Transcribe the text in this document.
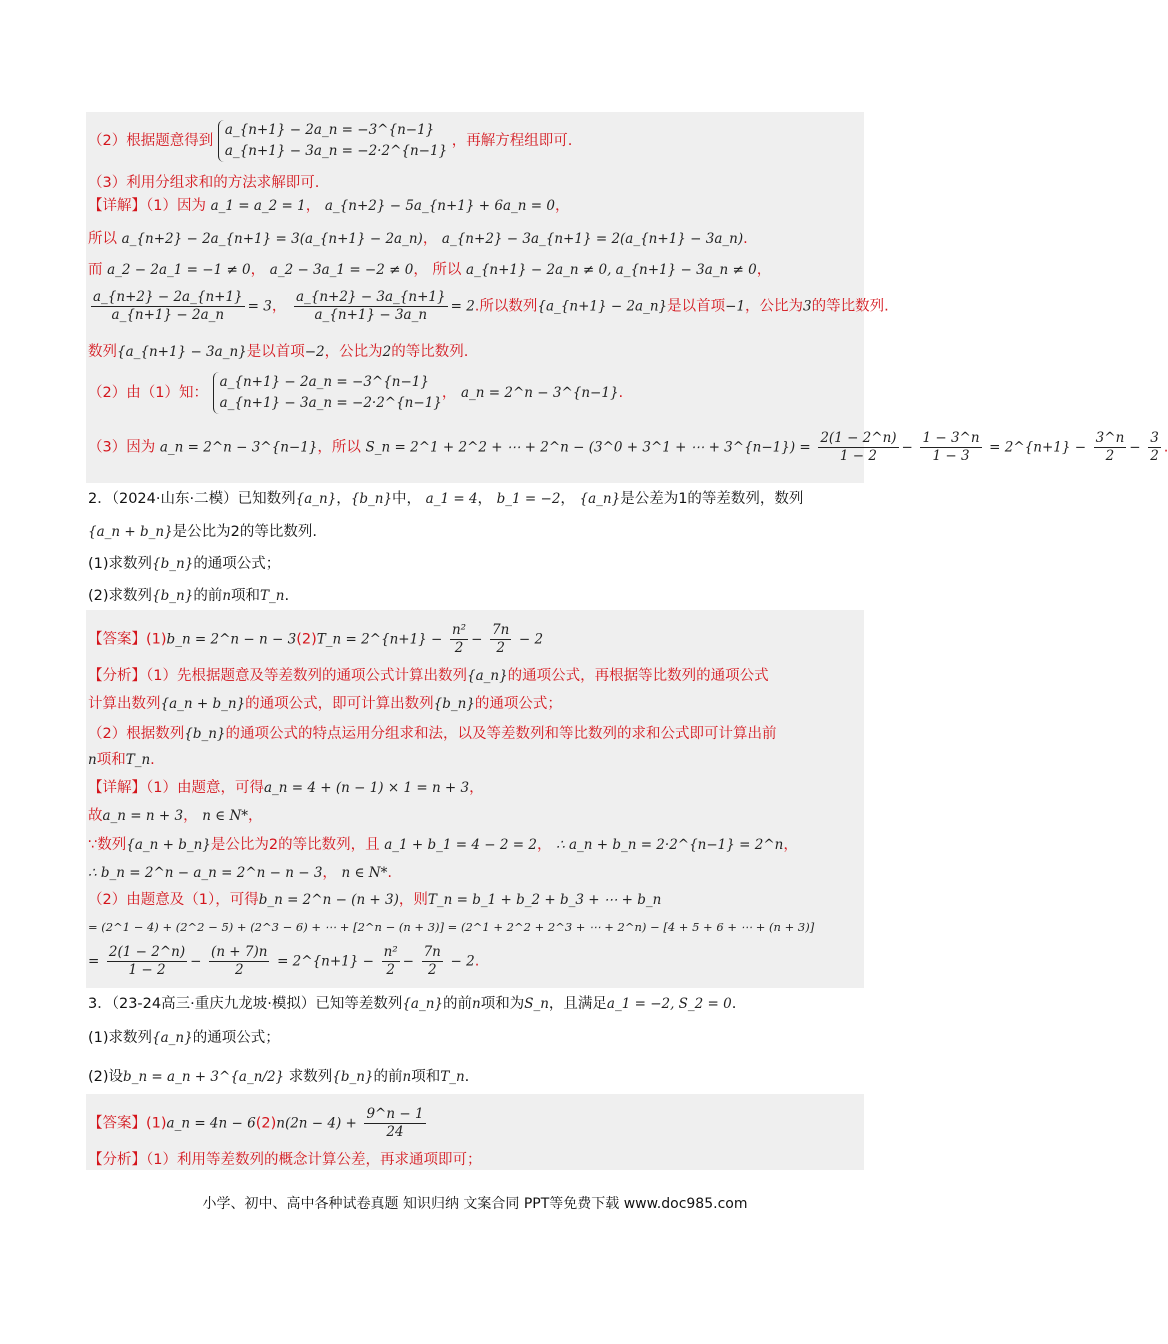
（2）根据题意得到 a_{n+1} − 2a_n = −3^{n−1}
a_{n+1} − 3a_n = −2·2^{n−1} ，再解方程组即可.
（3）利用分组求和的方法求解即可.
【详解】（1）因为 a_1 = a_2 = 1， a_{n+2} − 5a_{n+1} + 6a_n = 0，
所以 a_{n+2} − 2a_{n+1} = 3(a_{n+1} − 2a_n)， a_{n+2} − 3a_{n+1} = 2(a_{n+1} − 3a_n).
而 a_2 − 2a_1 = −1 ≠ 0， a_2 − 3a_1 = −2 ≠ 0， 所以 a_{n+1} − 2a_n ≠ 0, a_{n+1} − 3a_n ≠ 0，
$\frac{a\_\{n+2\} - 2a\_\{n+1\}}{a\_\{n+1\} - 2a\_n} = 3$， $\frac{a\_\{n+2\} - 3a\_\{n+1\}}{a\_\{n+1\} - 3a\_n} = 2$.所以数列{a_{n+1} − 2a_n}是以首项−1，公比为3的等比数列.
数列{a_{n+1} − 3a_n}是以首项−2，公比为2的等比数列.
（2）由（1）知： a_{n+1} − 2a_n = −3^{n−1}
a_{n+1} − 3a_n = −2·2^{n−1}， a_n = 2^n − 3^{n−1}.
（3）因为 a_n = 2^n − 3^{n−1}，所以 S_n = 2^1 + 2^2 + ⋯ + 2^n − (3^0 + 3^1 + ⋯ + 3^{n−1}) = $\frac{2(1 - 2\^{}n)}{1 - 2} - \frac{1 - 3\^{}n}{1 - 3}$ = 2^{n+1} − $\frac{3\^{}n}{2} - \frac{3}{2}$ .
2．（2024·山东·二模）已知数列{a_n}，{b_n}中， a_1 = 4， b_1 = −2， {a_n}是公差为1的等差数列，数列
{a_n + b_n}是公比为2的等比数列.
(1)求数列{b_n}的通项公式；
(2)求数列{b_n}的前n项和T_n.
【答案】(1)b_n = 2^n − n − 3(2)T_n = 2^{n+1} − $\frac{\text{n²}}{2} - \frac{7n}{2} - 2$
【分析】（1）先根据题意及等差数列的通项公式计算出数列{a_n}的通项公式，再根据等比数列的通项公式
计算出数列{a_n + b_n}的通项公式，即可计算出数列{b_n}的通项公式；
（2）根据数列{b_n}的通项公式的特点运用分组求和法，以及等差数列和等比数列的求和公式即可计算出前
n项和T_n.
【详解】（1）由题意，可得a_n = 4 + (n − 1) × 1 = n + 3，
故a_n = n + 3， n ∈ N*，
∵数列{a_n + b_n}是公比为2的等比数列，且 a_1 + b_1 = 4 − 2 = 2， ∴ a_n + b_n = 2·2^{n−1} = 2^n，
∴ b_n = 2^n − a_n = 2^n − n − 3， n ∈ N*.
（2）由题意及（1），可得b_n = 2^n − (n + 3)，则T_n = b_1 + b_2 + b_3 + ⋯ + b_n
= (2^1 − 4) + (2^2 − 5) + (2^3 − 6) + ⋯ + [2^n − (n + 3)] = (2^1 + 2^2 + 2^3 + ⋯ + 2^n) − [4 + 5 + 6 + ⋯ + (n + 3)]
= $\frac{2(1 - 2\^{}n)}{1 - 2} - \frac{(n + 7)n}{2}$ = 2^{n+1} − $\frac{\text{n²}}{2} - \frac{7n}{2} - 2$.
3．（23-24高三·重庆九龙坡·模拟）已知等差数列{a_n}的前n项和为S_n，且满足a_1 = −2, S_2 = 0.
(1)求数列{a_n}的通项公式；
(2)设b_n = a_n + 3^{a_n/2} 求数列{b_n}的前n项和T_n.
【答案】(1)a_n = $4n - 6(2)n(2n - 4) + \frac{9\^{}n - 1}{24}$
【分析】（1）利用等差数列的概念计算公差，再求通项即可；
小学、初中、高中各种试卷真题 知识归纳 文案合同 PPT等免费下载 www.doc985.com
